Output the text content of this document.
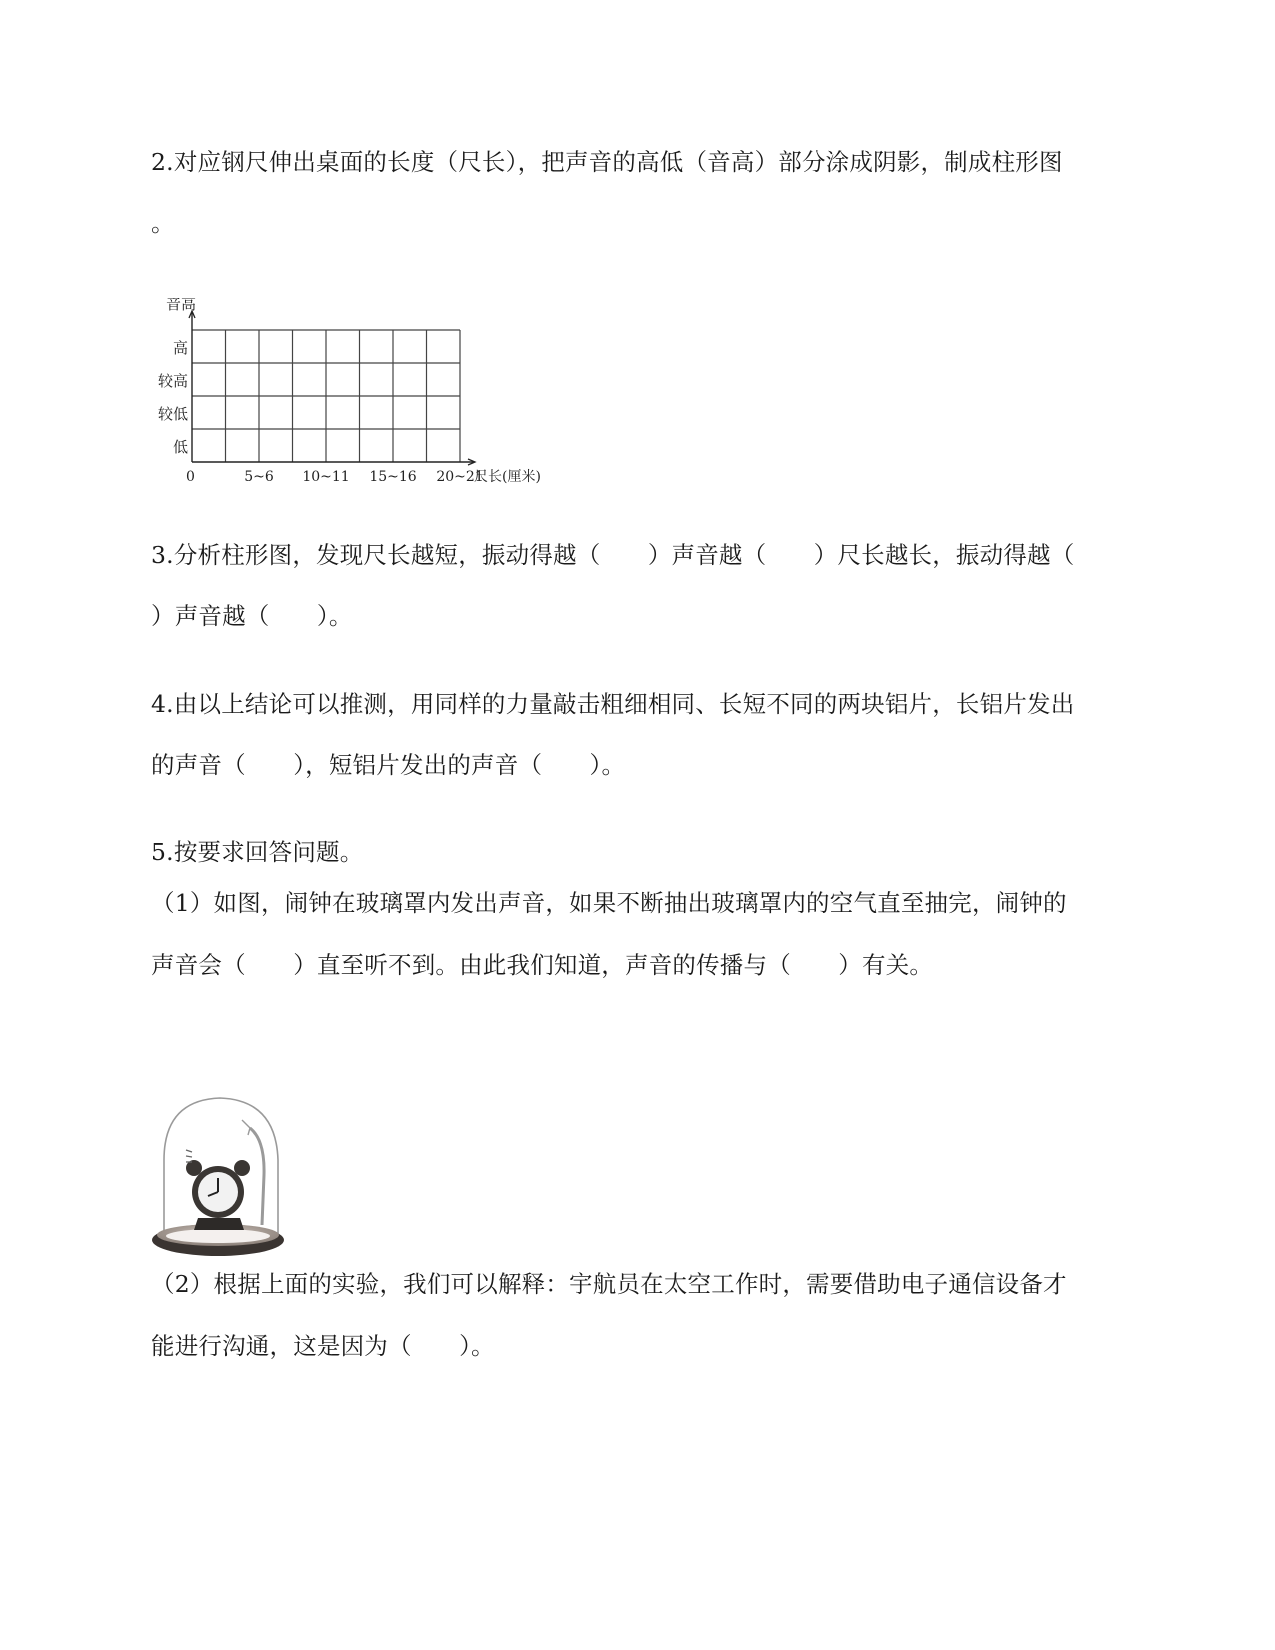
2.对应钢尺伸出桌面的长度（尺长），把声音的高低（音高）部分涂成阴影，制成柱形图
。
音高
低
较低
较高
高
0	5~6 10~11 15~16 20~21
尺长(厘米)
3.分析柱形图，发现尺长越短，振动得越（　　）声音越（　　）尺长越长，振动得越（
）声音越（　　）。
4.由以上结论可以推测，用同样的力量敲击粗细相同、长短不同的两块铝片，长铝片发出
的声音（　　），短铝片发出的声音（　　）。
5.按要求回答问题。
（1）如图，闹钟在玻璃罩内发出声音，如果不断抽出玻璃罩内的空气直至抽完，闹钟的
声音会（　　）直至听不到。由此我们知道，声音的传播与（　　）有关。
（2）根据上面的实验，我们可以解释：宇航员在太空工作时，需要借助电子通信设备才
能进行沟通，这是因为（　　）。
